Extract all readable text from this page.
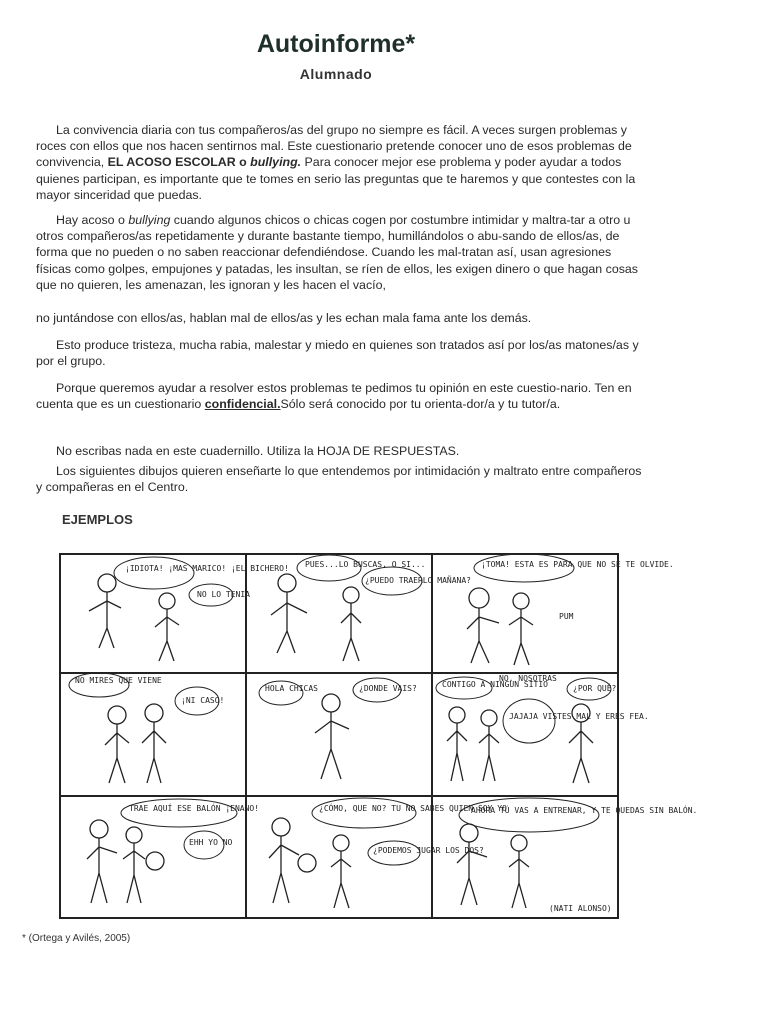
Autoinforme*
Alumnado

La convivencia diaria con tus compañeros/as del grupo no siempre es fácil. A veces surgen problemas y roces con ellos que nos hacen sentirnos mal. Este cuestionario pretende conocer uno de esos problemas de convivencia, EL ACOSO ESCOLAR o bullying. Para conocer mejor ese problema y poder ayudar a todos quienes participan, es importante que te tomes en serio las preguntas que te haremos y que contestes con la mayor sinceridad que puedas.

Hay acoso o bullying cuando algunos chicos o chicas cogen por costumbre intimidar y maltra-tar a otro u otros compañeros/as repetidamente y durante bastante tiempo, humillándolos o abu-sando de ellos/as, de forma que no pueden o no saben reaccionar defendiéndose. Cuando les mal-tratan así, usan agresiones físicas como golpes, empujones y patadas, les insultan, se ríen de ellos, les exigen dinero o que hagan cosas que no quieren, les amenazan, les ignoran y les hacen el vacío,

no juntándose con ellos/as, hablan mal de ellos/as y les echan mala fama ante los demás.

Esto produce tristeza, mucha rabia, malestar y miedo en quienes son tratados así por los/as matones/as y por el grupo.

Porque queremos ayudar a resolver estos problemas te pedimos tu opinión en este cuestio-nario. Ten en cuenta que es un cuestionario confidencial.Sólo será conocido por tu orienta-dor/a y tu tutor/a.

No escribas nada en este cuadernillo. Utiliza la HOJA DE RESPUESTAS.

Los siguientes dibujos quieren enseñarte lo que entendemos por intimidación y maltrato entre compañeros y compañeras en el Centro.

EJEMPLOS
¡IDIOTA! ¡MAS MARICO! ¡EL BICHERO!
NO LO TENIA
PUES...LO BUSCAS, O SI...
¿PUEDO TRAERLO MAÑANA?
¡TOMA! ESTA ES PARA QUE NO SE TE OLVIDE.
PUM
NO MIRES QUE VIENE
¡NI CASO!
HOLA CHICAS	¿DONDE VAIS?	CONTIGO A NINGUN SITIO
NO, NOSOTRAS
JAJAJA VISTES MAL Y ERES FEA.
¿POR QUÉ?
TRAE AQUÍ ESE BALÓN ¡ENANO!
EHH YO NO
¿CÓMO, QUE NO? TU NO SABES QUIEN SOY YO
¿PODEMOS JUGAR LOS DOS?
AHORA TÚ VAS A ENTRENAR, Y TE QUEDAS SIN BALÓN.
(NATI ALONSO)
* (Ortega y Avilés, 2005)
